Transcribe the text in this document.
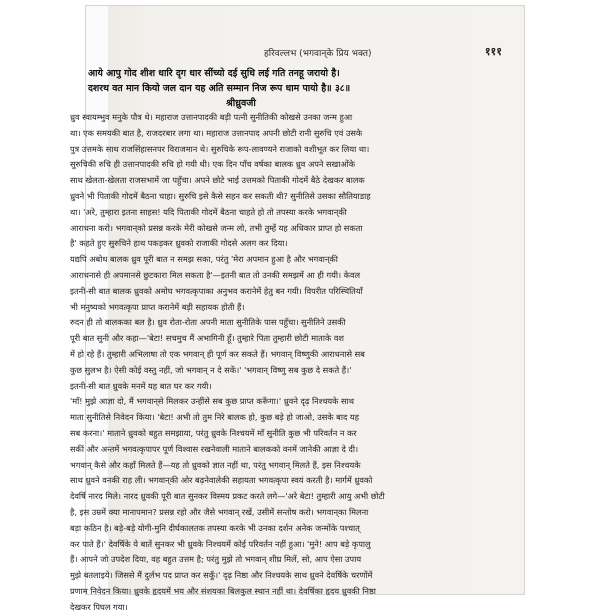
हरिवल्लभ (भगवान्‌के प्रिय भक्त)	१११
आये आपु गोद शीश धारि दृग धार सींच्यो दई सुधि लई गति तनहू जरायो है।
दशरथ वत मान कियो जल दान यह अति सम्मान निज रूप धाम पायो है॥ ३८॥
श्रीध्रुवजी
ध्रुव स्वायम्भुव मनुके पौत्र थे। महाराज उत्तानपादकी बड़ी पत्नी सुनीतिकी कोखसे उनका जन्म हुआ
था। एक समयकी बात है, राजदरबार लगा था। महाराज उत्तानपाद अपनी छोटी रानी सुरुचि एवं उसके
पुत्र उत्तमके साथ राजसिंहासनपर विराजमान थे। सुरुचिके रूप-लावण्यने राजाको वशीभूत कर लिया था।
सुरुचिकी रुचि ही उत्तानपादकी रुचि हो गयी थी। एक दिन पाँच वर्षका बालक ध्रुव अपने सखाओंके
साथ खेलता-खेलता राजसभामें जा पहुँचा। अपने छोटे भाई उत्तमको पिताकी गोदमें बैठे देखकर बालक
ध्रुवने भी पिताकी गोदमें बैठना चाहा। सुरुचि इसे कैसे सहन कर सकती थी? सुनीतिसे उसका सौतियाडाह
था। 'अरे, तुम्हारा इतना साहस! यदि पिताकी गोदमें बैठना चाहते हो तो तपस्या करके भगवान्‌की
आराधना करो। भगवान्‌को प्रसन्न करके मेरी कोखसे जन्म लो, तभी तुम्हें यह अधिकार प्राप्त हो सकता
है' कहते हुए सुरुचिने हाथ पकड़कर ध्रुवको राजाकी गोदसे अलग कर दिया।
यद्यपि अबोध बालक ध्रुव पूरी बात न समझ सका, परंतु 'मेरा अपमान हुआ है और भगवान्‌की
आराधनासे ही अपमानसे छुटकारा मिल सकता है'—इतनी बात तो उनकी समझमें आ ही गयी। केवल
इतनी-सी बात बालक ध्रुवको अमोघ भगवत्कृपाका अनुभव करानेमें हेतु बन गयी। विपरीत परिस्थितियाँ
भी मनुष्यको भगवत्कृपा प्राप्त करानेमें बड़ी सहायक होती हैं।
रुदन ही तो बालकका बल है। ध्रुव रोता-रोता अपनी माता सुनीतिके पास पहुँचा। सुनीतिने उसकी
पूरी बात सुनी और कहा—'बेटा! सचमुच मैं अभागिनी हूँ। तुम्हारे पिता तुम्हारी छोटी माताके वश
में हो रहे हैं। तुम्हारी अभिलाषा तो एक भगवान् ही पूर्ण कर सकते हैं। भगवान् विष्णुकी आराधनासे सब
कुछ सुलभ है। ऐसी कोई वस्तु नहीं, जो भगवान् न दे सकें।' 'भगवान् विष्णु सब कुछ दे सकते हैं।'
इतनी-सी बात ध्रुवके मनमें यह बात घर कर गयी।
'माँ! मुझे आज्ञा दो, मैं भगवान्‌से मिलकर उन्हींसे सब कुछ प्राप्त करूँगा।' ध्रुवने दृढ़ निश्चयके साथ
माता सुनीतिसे निवेदन किया। 'बेटा! अभी तो तुम निरे बालक हो, कुछ बड़े हो जाओ, उसके बाद यह
सब करना।' माताने ध्रुवको बहुत समझाया, परंतु ध्रुवके निश्चयमें माँ सुनीति कुछ भी परिवर्तन न कर
सकीं और अन्तमें भगवत्कृपापर पूर्ण विश्वास रखनेवाली माताने बालकको वनमें जानेकी आज्ञा दे दी।
भगवान् कैसे और कहाँ मिलते हैं—यह तो ध्रुवको ज्ञात नहीं था, परंतु भगवान् मिलते हैं, इस निश्चयके
साथ ध्रुवने वनकी राह ली। भगवान्‌की ओर बढ़नेवालेकी सहायता भगवत्कृपा स्वयं करती है। मार्गमें ध्रुवको
देवर्षि नारद मिले। नारद ध्रुवकी पूरी बात सुनकर विस्मय प्रकट करते लगे—'अरे बेटा! तुम्हारी आयु अभी छोटी
है, इस उम्रमें क्या मानापमान? प्रसन्न रहो और जैसे भगवान् रखें, उसीमें सन्तोष करो। भगवान्‌का मिलना
बड़ा कठिन है। बड़े-बड़े योगी-मुनि दीर्घकालतक तपस्या करके भी उनका दर्शन अनेक जन्मोंके पश्चात्
कर पाते हैं।' देवर्षिके ये बातें सुनकर भी ध्रुवके निश्चयमें कोई परिवर्तन नहीं हुआ। 'मुने! आप बड़े कृपालु
हैं। आपने जो उपदेश दिया, वह बहुत उत्तम है; परंतु मुझे तो भगवान् शीघ्र मिलें, सो, आप ऐसा उपाय
मुझे बतलाइये। जिससे मैं दुर्लभ पद प्राप्त कर सकूँ।' दृढ़ निष्ठा और निश्चयके साथ ध्रुवने देवर्षिके चरणोंमें
प्रणाम निवेदन किया। ध्रुवके हृदयमें भय और संशयका बिलकुल स्थान नहीं था। देवर्षिका हृदय ध्रुवकी निष्ठा
देखकर पिघल गया।
